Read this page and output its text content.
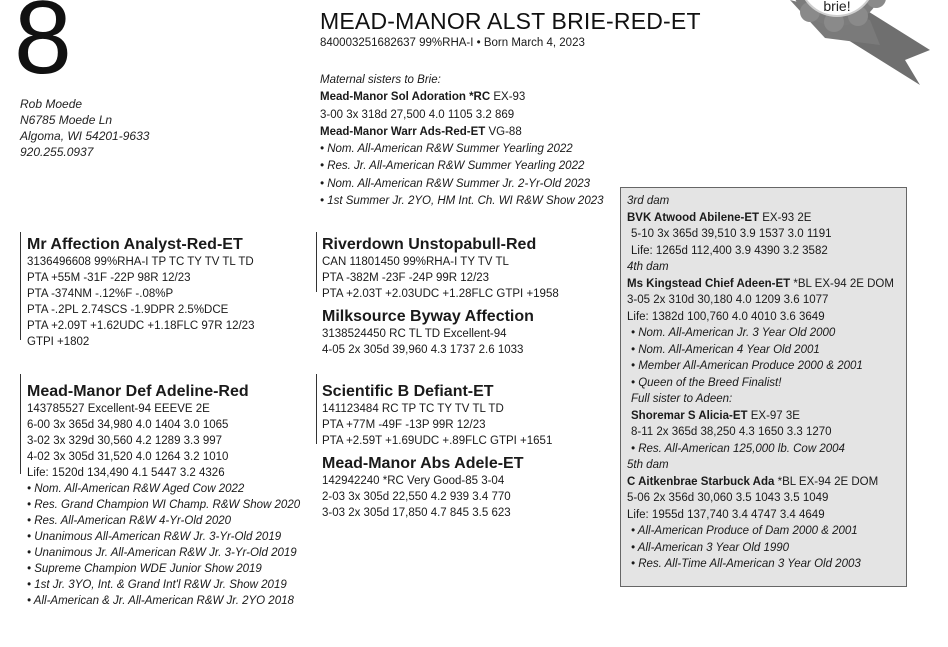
8
Rob Moede
N6785 Moede Ln
Algoma, WI 54201-9633
920.255.0937
MEAD-MANOR ALST BRIE-RED-ET
840003251682637 99%RHA-I • Born March 4, 2023
brie!
Maternal sisters to Brie:
Mead-Manor Sol Adoration *RC EX-93
3-00 3x 318d 27,500 4.0 1105 3.2 869
Mead-Manor Warr Ads-Red-ET VG-88
• Nom. All-American R&W Summer Yearling 2022
• Res. Jr. All-American R&W Summer Yearling 2022
• Nom. All-American R&W Summer Jr. 2-Yr-Old 2023
• 1st Summer Jr. 2YO, HM Int. Ch. WI R&W Show 2023
Mr Affection Analyst-Red-ET
3136496608 99%RHA-I TP TC TY TV TL TD
PTA +55M -31F -22P 98R 12/23
PTA -374NM -.12%F -.08%P
PTA -.2PL 2.74SCS -1.9DPR 2.5%DCE
PTA +2.09T +1.62UDC +1.18FLC 97R 12/23
GTPI +1802
Mead-Manor Def Adeline-Red
143785527 Excellent-94 EEEVE 2E
6-00 3x 365d 34,980 4.0 1404 3.0 1065
3-02 3x 329d 30,560 4.2 1289 3.3 997
4-02 3x 305d 31,520 4.0 1264 3.2 1010
Life: 1520d 134,490 4.1 5447 3.2 4326
• Nom. All-American R&W Aged Cow 2022
• Res. Grand Champion WI Champ. R&W Show 2020
• Res. All-American R&W 4-Yr-Old 2020
• Unanimous All-American R&W Jr. 3-Yr-Old 2019
• Unanimous Jr. All-American R&W Jr. 3-Yr-Old 2019
• Supreme Champion WDE Junior Show 2019
• 1st Jr. 3YO, Int. & Grand Int'l R&W Jr. Show 2019
• All-American & Jr. All-American R&W Jr. 2YO 2018
Riverdown Unstopabull-Red
CAN 11801450 99%RHA-I TY TV TL
PTA -382M -23F -24P 99R 12/23
PTA +2.03T +2.03UDC +1.28FLC GTPI +1958
Milksource Byway Affection
3138524450 RC TL TD Excellent-94
4-05 2x 305d 39,960 4.3 1737 2.6 1033
Scientific B Defiant-ET
141123484 RC TP TC TY TV TL TD
PTA +77M -49F -13P 99R 12/23
PTA +2.59T +1.69UDC +.89FLC GTPI +1651
Mead-Manor Abs Adele-ET
142942240 *RC Very Good-85 3-04
2-03 3x 305d 22,550 4.2 939 3.4 770
3-03 2x 305d 17,850 4.7 845 3.5 623
3rd dam
BVK Atwood Abilene-ET EX-93 2E
5-10 3x 365d 39,510 3.9 1537 3.0 1191
Life: 1265d 112,400 3.9 4390 3.2 3582
4th dam
Ms Kingstead Chief Adeen-ET *BL EX-94 2E DOM
3-05 2x 310d 30,180 4.0 1209 3.6 1077
Life: 1382d 100,760 4.0 4010 3.6 3649
• Nom. All-American Jr. 3 Year Old 2000
• Nom. All-American 4 Year Old 2001
• Member All-American Produce 2000 & 2001
• Queen of the Breed Finalist!
Full sister to Adeen:
Shoremar S Alicia-ET EX-97 3E
8-11 2x 365d 38,250 4.3 1650 3.3 1270
• Res. All-American 125,000 lb. Cow 2004
5th dam
C Aitkenbrae Starbuck Ada *BL EX-94 2E DOM
5-06 2x 356d 30,060 3.5 1043 3.5 1049
Life: 1955d 137,740 3.4 4747 3.4 4649
• All-American Produce of Dam 2000 & 2001
• All-American 3 Year Old 1990
• Res. All-Time All-American 3 Year Old 2003
